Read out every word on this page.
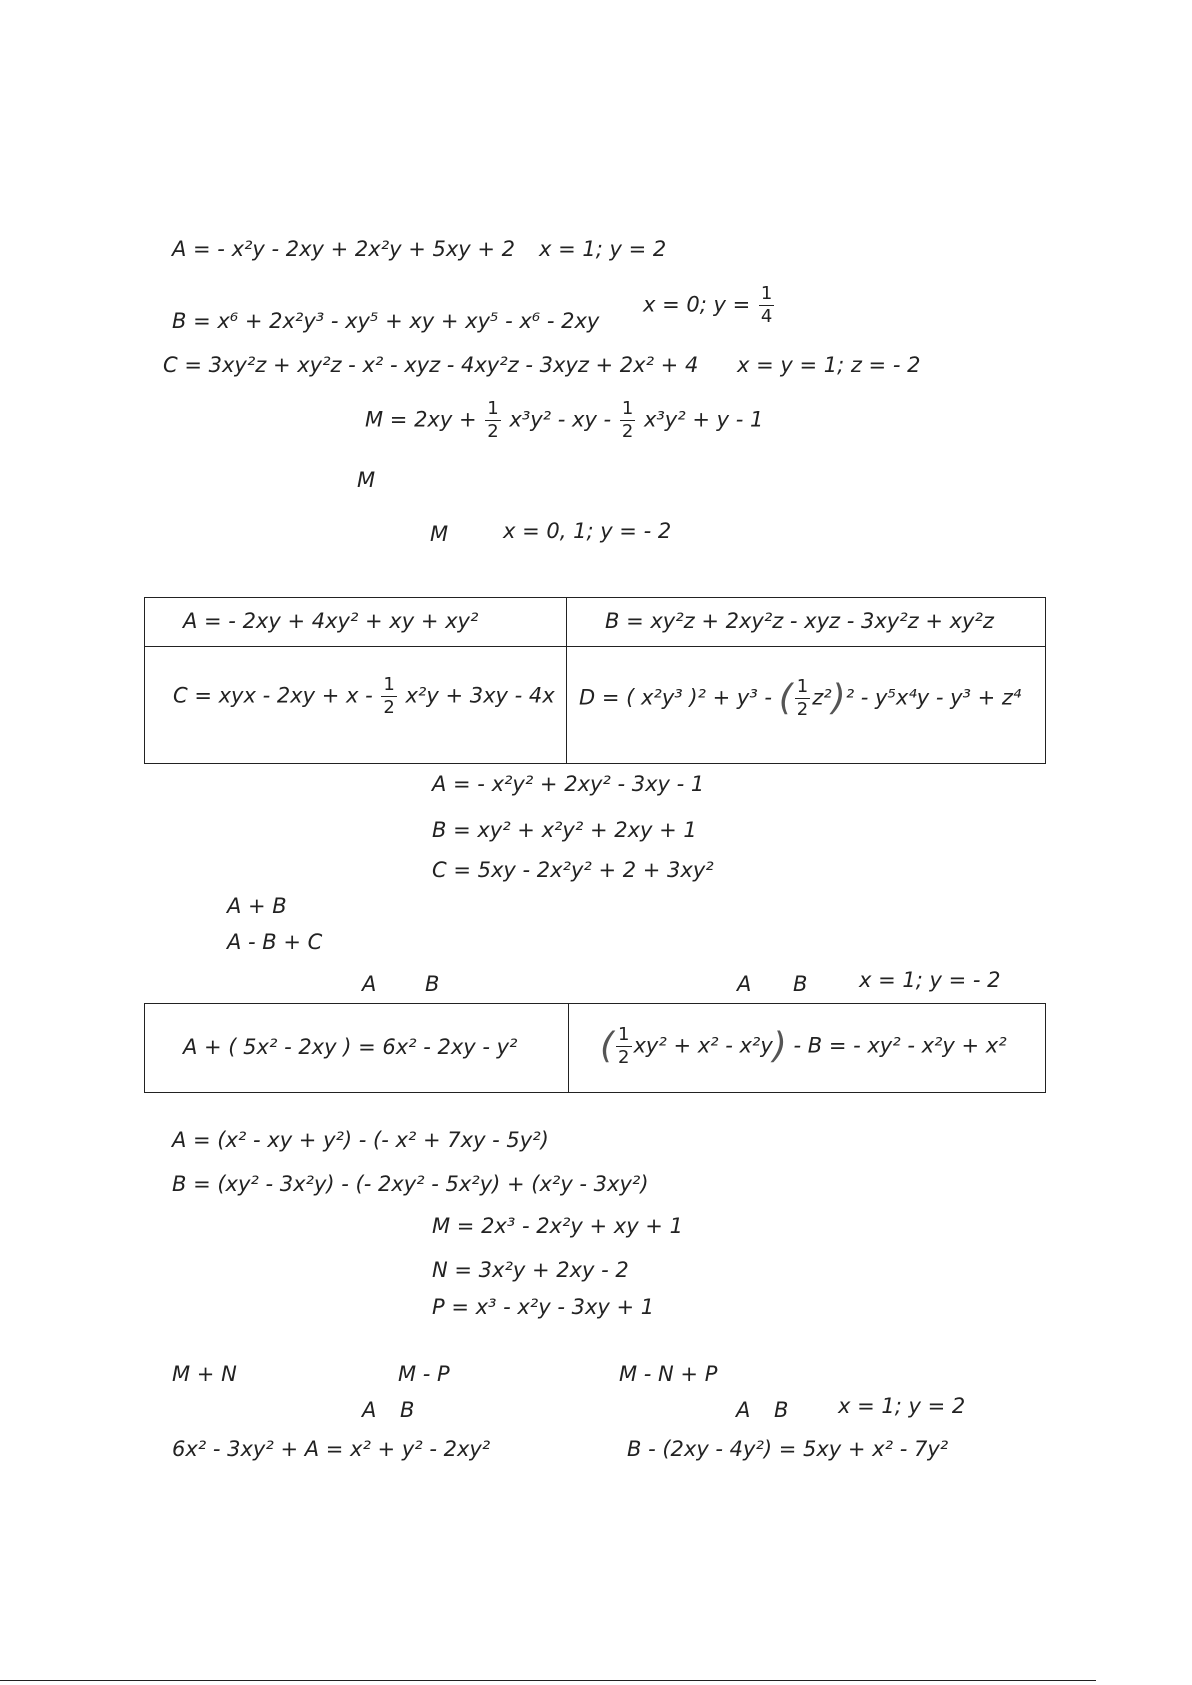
A = - x²y - 2xy + 2x²y + 5xy + 2 x = 1; y = 2
B = x⁶ + 2x²y³ - xy⁵ + xy + xy⁵ - x⁶ - 2xy
x = 0; $y = \frac{1}{4}$
C = 3xy²z + xy²z - x² - xyz - 4xy²z - 3xyz + 2x² + 4 x = y = 1; z = - 2
$M = 2xy + \frac{1}{2} x^3y^2$ - xy - $\frac{1}{2} x^3y^2 + y - 1$
M
M	x = 0, 1; y = - 2
A = - 2xy + 4xy² + xy + xy²	B = xy²z + 2xy²z - xyz - 3xy²z + xy²z
C = xyx - $2xy + x - \frac{1}{2} x^2y + 3xy - 4x$ D = ( x²y³ )² + y³ - ( $\frac{1}{2} z^2)^2 - y^5x^4y - y^3 + z^4$
A = - x²y² + 2xy² - 3xy - 1
B = xy² + x²y² + 2xy + 1
C = 5xy - 2x²y² + 2 + 3xy²
A + B
A - B + C
A B	A B x = 1; y = - 2
A + ( 5x² - 2xy ) = 6x² - 2xy - y² ( $\frac{1}{2} xy^2 + x^2 - x^2y) - B$ = - xy² - x²y + x²
A = (x² - xy + y²) - (- x² + 7xy - 5y²)
B = (xy² - 3x²y) - (- 2xy² - 5x²y) + (x²y - 3xy²)
M = 2x³ - 2x²y + xy + 1
N = 3x²y + 2xy - 2
P = x³ - x²y - 3xy + 1
M + N	M - P	M - N + P
A B	A B x = 1; y = 2
6x² - 3xy² + A = x² + y² - 2xy²	B - (2xy - 4y²) = 5xy + x² - 7y²
